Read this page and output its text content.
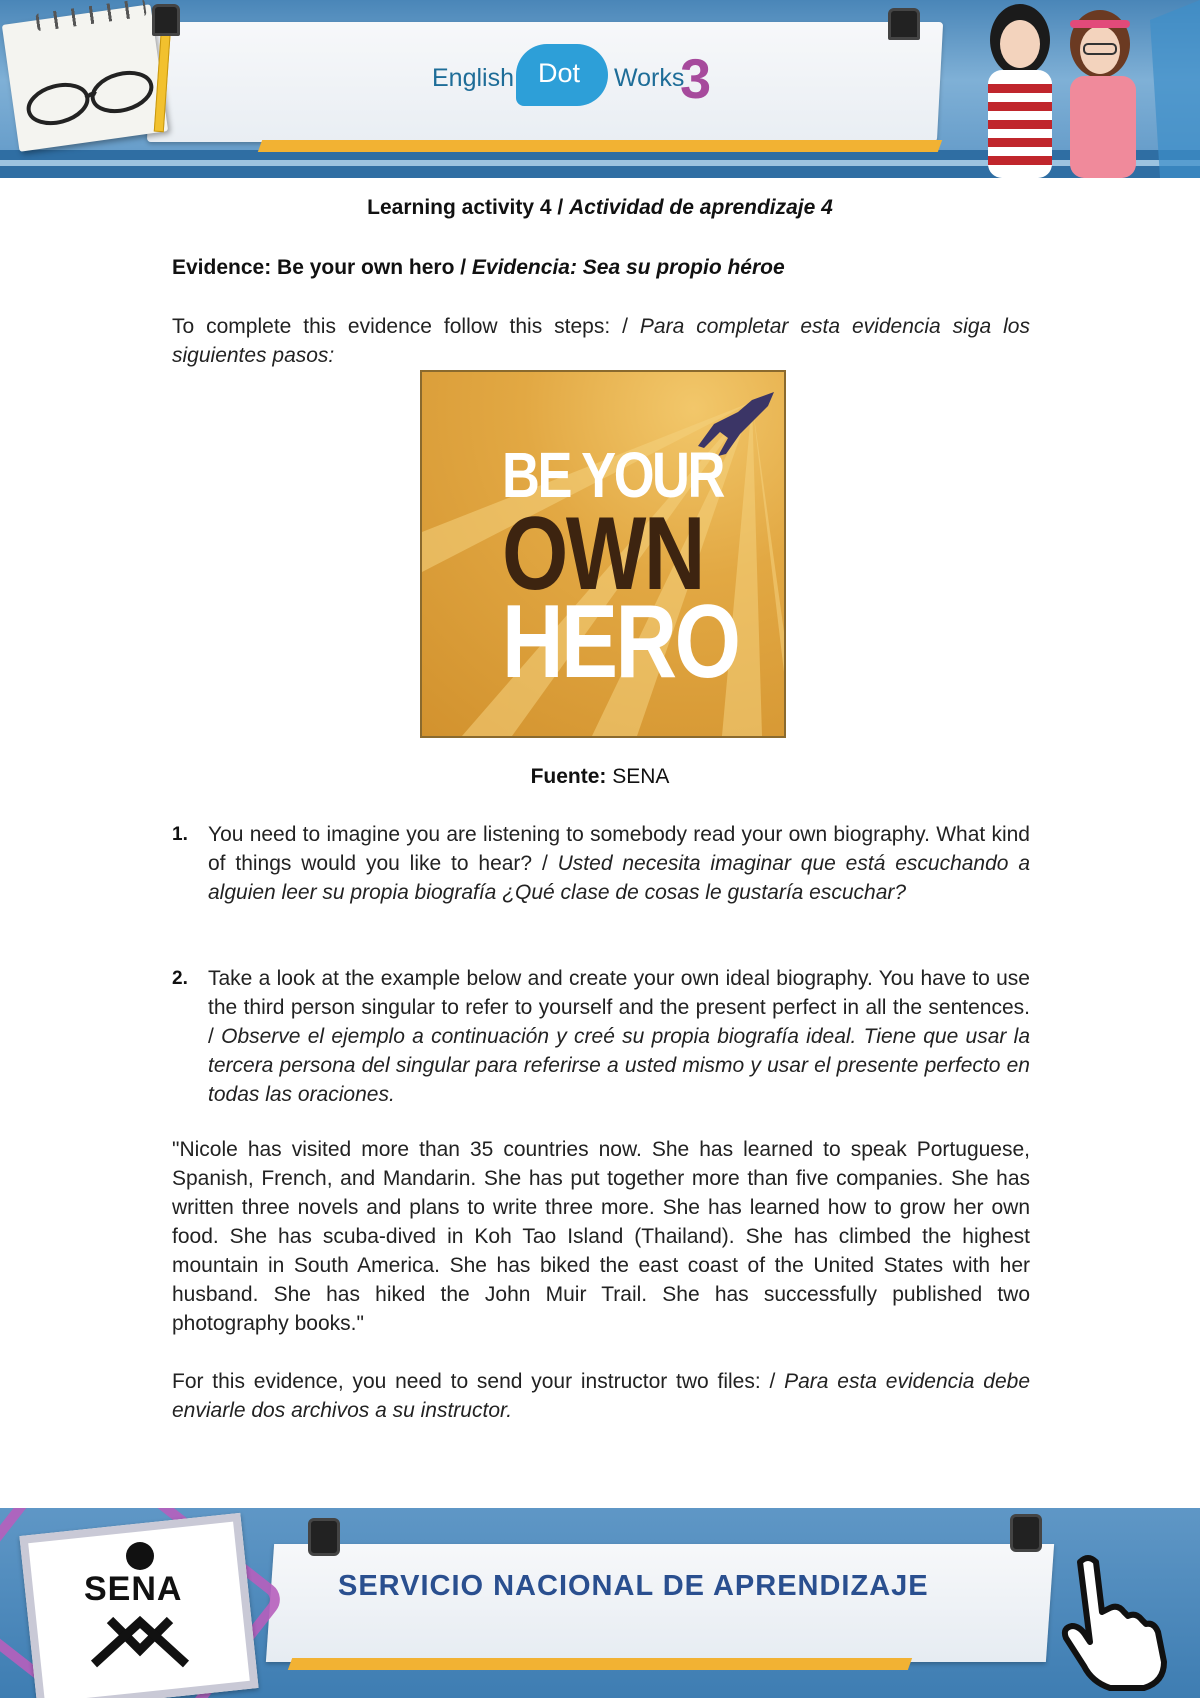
English Dot Works
3
Learning activity 4 / Actividad de aprendizaje 4
Evidence: Be your own hero / Evidencia: Sea su propio héroe
To complete this evidence follow this steps: / Para completar esta evidencia siga los siguientes pasos:
BE YOUR
OWN
HERO
Fuente: SENA
1. You need to imagine you are listening to somebody read your own biography. What kind of things would you like to hear? / Usted necesita imaginar que está escuchando a alguien leer su propia biografía ¿Qué clase de cosas le gustaría escuchar?
2. Take a look at the example below and create your own ideal biography. You have to use the third person singular to refer to yourself and the present perfect in all the sentences. / Observe el ejemplo a continuación y creé su propia biografía ideal. Tiene que usar la tercera persona del singular para referirse a usted mismo y usar el presente perfecto en todas las oraciones.
"Nicole has visited more than 35 countries now. She has learned to speak Portuguese, Spanish, French, and Mandarin. She has put together more than five companies. She has written three novels and plans to write three more. She has learned how to grow her own food. She has scuba-dived in Koh Tao Island (Thailand). She has climbed the highest mountain in South America. She has biked the east coast of the United States with her husband. She has hiked the John Muir Trail. She has successfully published two photography books."
For this evidence, you need to send your instructor two files: / Para esta evidencia debe enviarle dos archivos a su instructor.
SENA	SERVICIO NACIONAL DE APRENDIZAJE
